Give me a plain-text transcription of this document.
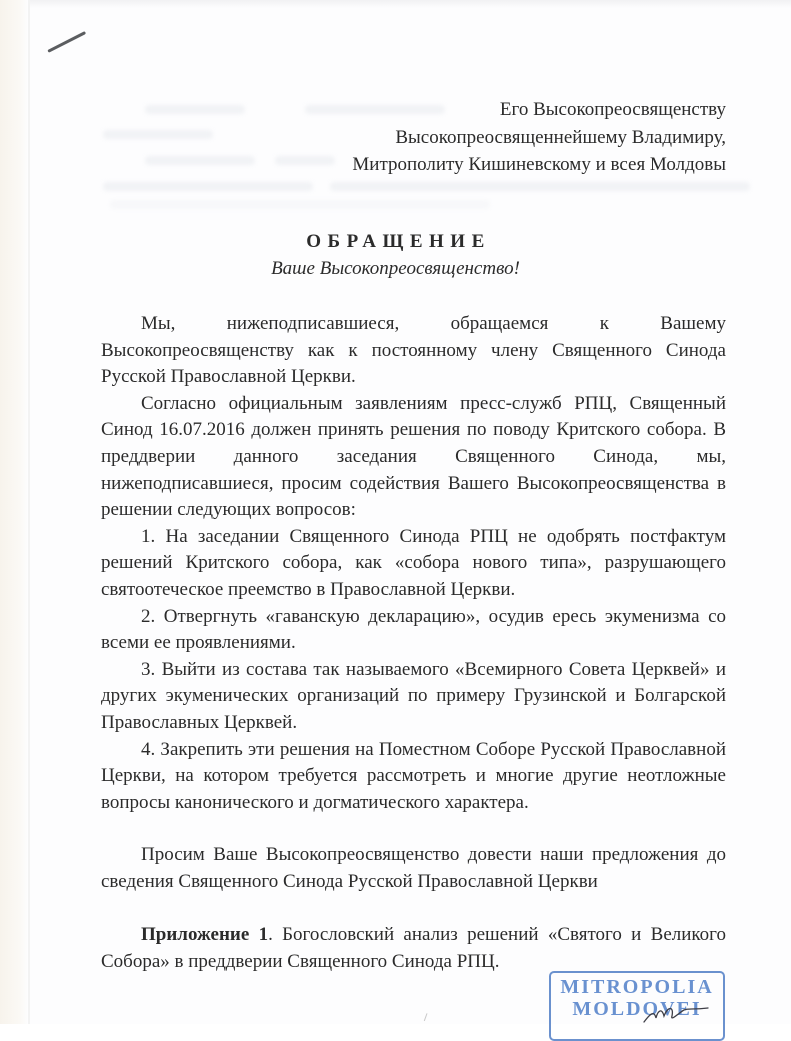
Его Высокопреосвященству
Высокопреосвященнейшему Владимиру,
Митрополиту Кишиневскому и всея Молдовы
ОБРАЩЕНИЕ
Ваше Высокопреосвященство!

Мы, нижеподписавшиеся, обращаемся к Вашему Высокопреосвященству как к постоянному члену Священного Синода Русской Православной Церкви.

Согласно официальным заявлениям пресс-служб РПЦ, Священный Синод 16.07.2016 должен принять решения по поводу Критского собора. В преддверии данного заседания Священного Синода, мы, нижеподписавшиеся, просим содействия Вашего Высокопреосвященства в решении следующих вопросов:

1. На заседании Священного Синода РПЦ не одобрять постфактум решений Критского собора, как «собора нового типа», разрушающего святоотеческое преемство в Православной Церкви.

2. Отвергнуть «гаванскую декларацию», осудив ересь экуменизма со всеми ее проявлениями.

3. Выйти из состава так называемого «Всемирного Совета Церквей» и других экуменических организаций по примеру Грузинской и Болгарской Православных Церквей.

4. Закрепить эти решения на Поместном Соборе Русской Православной Церкви, на котором требуется рассмотреть и многие другие неотложные вопросы канонического и догматического характера.

Просим Ваше Высокопреосвященство довести наши предложения до сведения Священного Синода Русской Православной Церкви

Приложение 1. Богословский анализ решений «Святого и Великого Собора» в преддверии Священного Синода РПЦ.

MITROPOLIA
MOLDOVEI
